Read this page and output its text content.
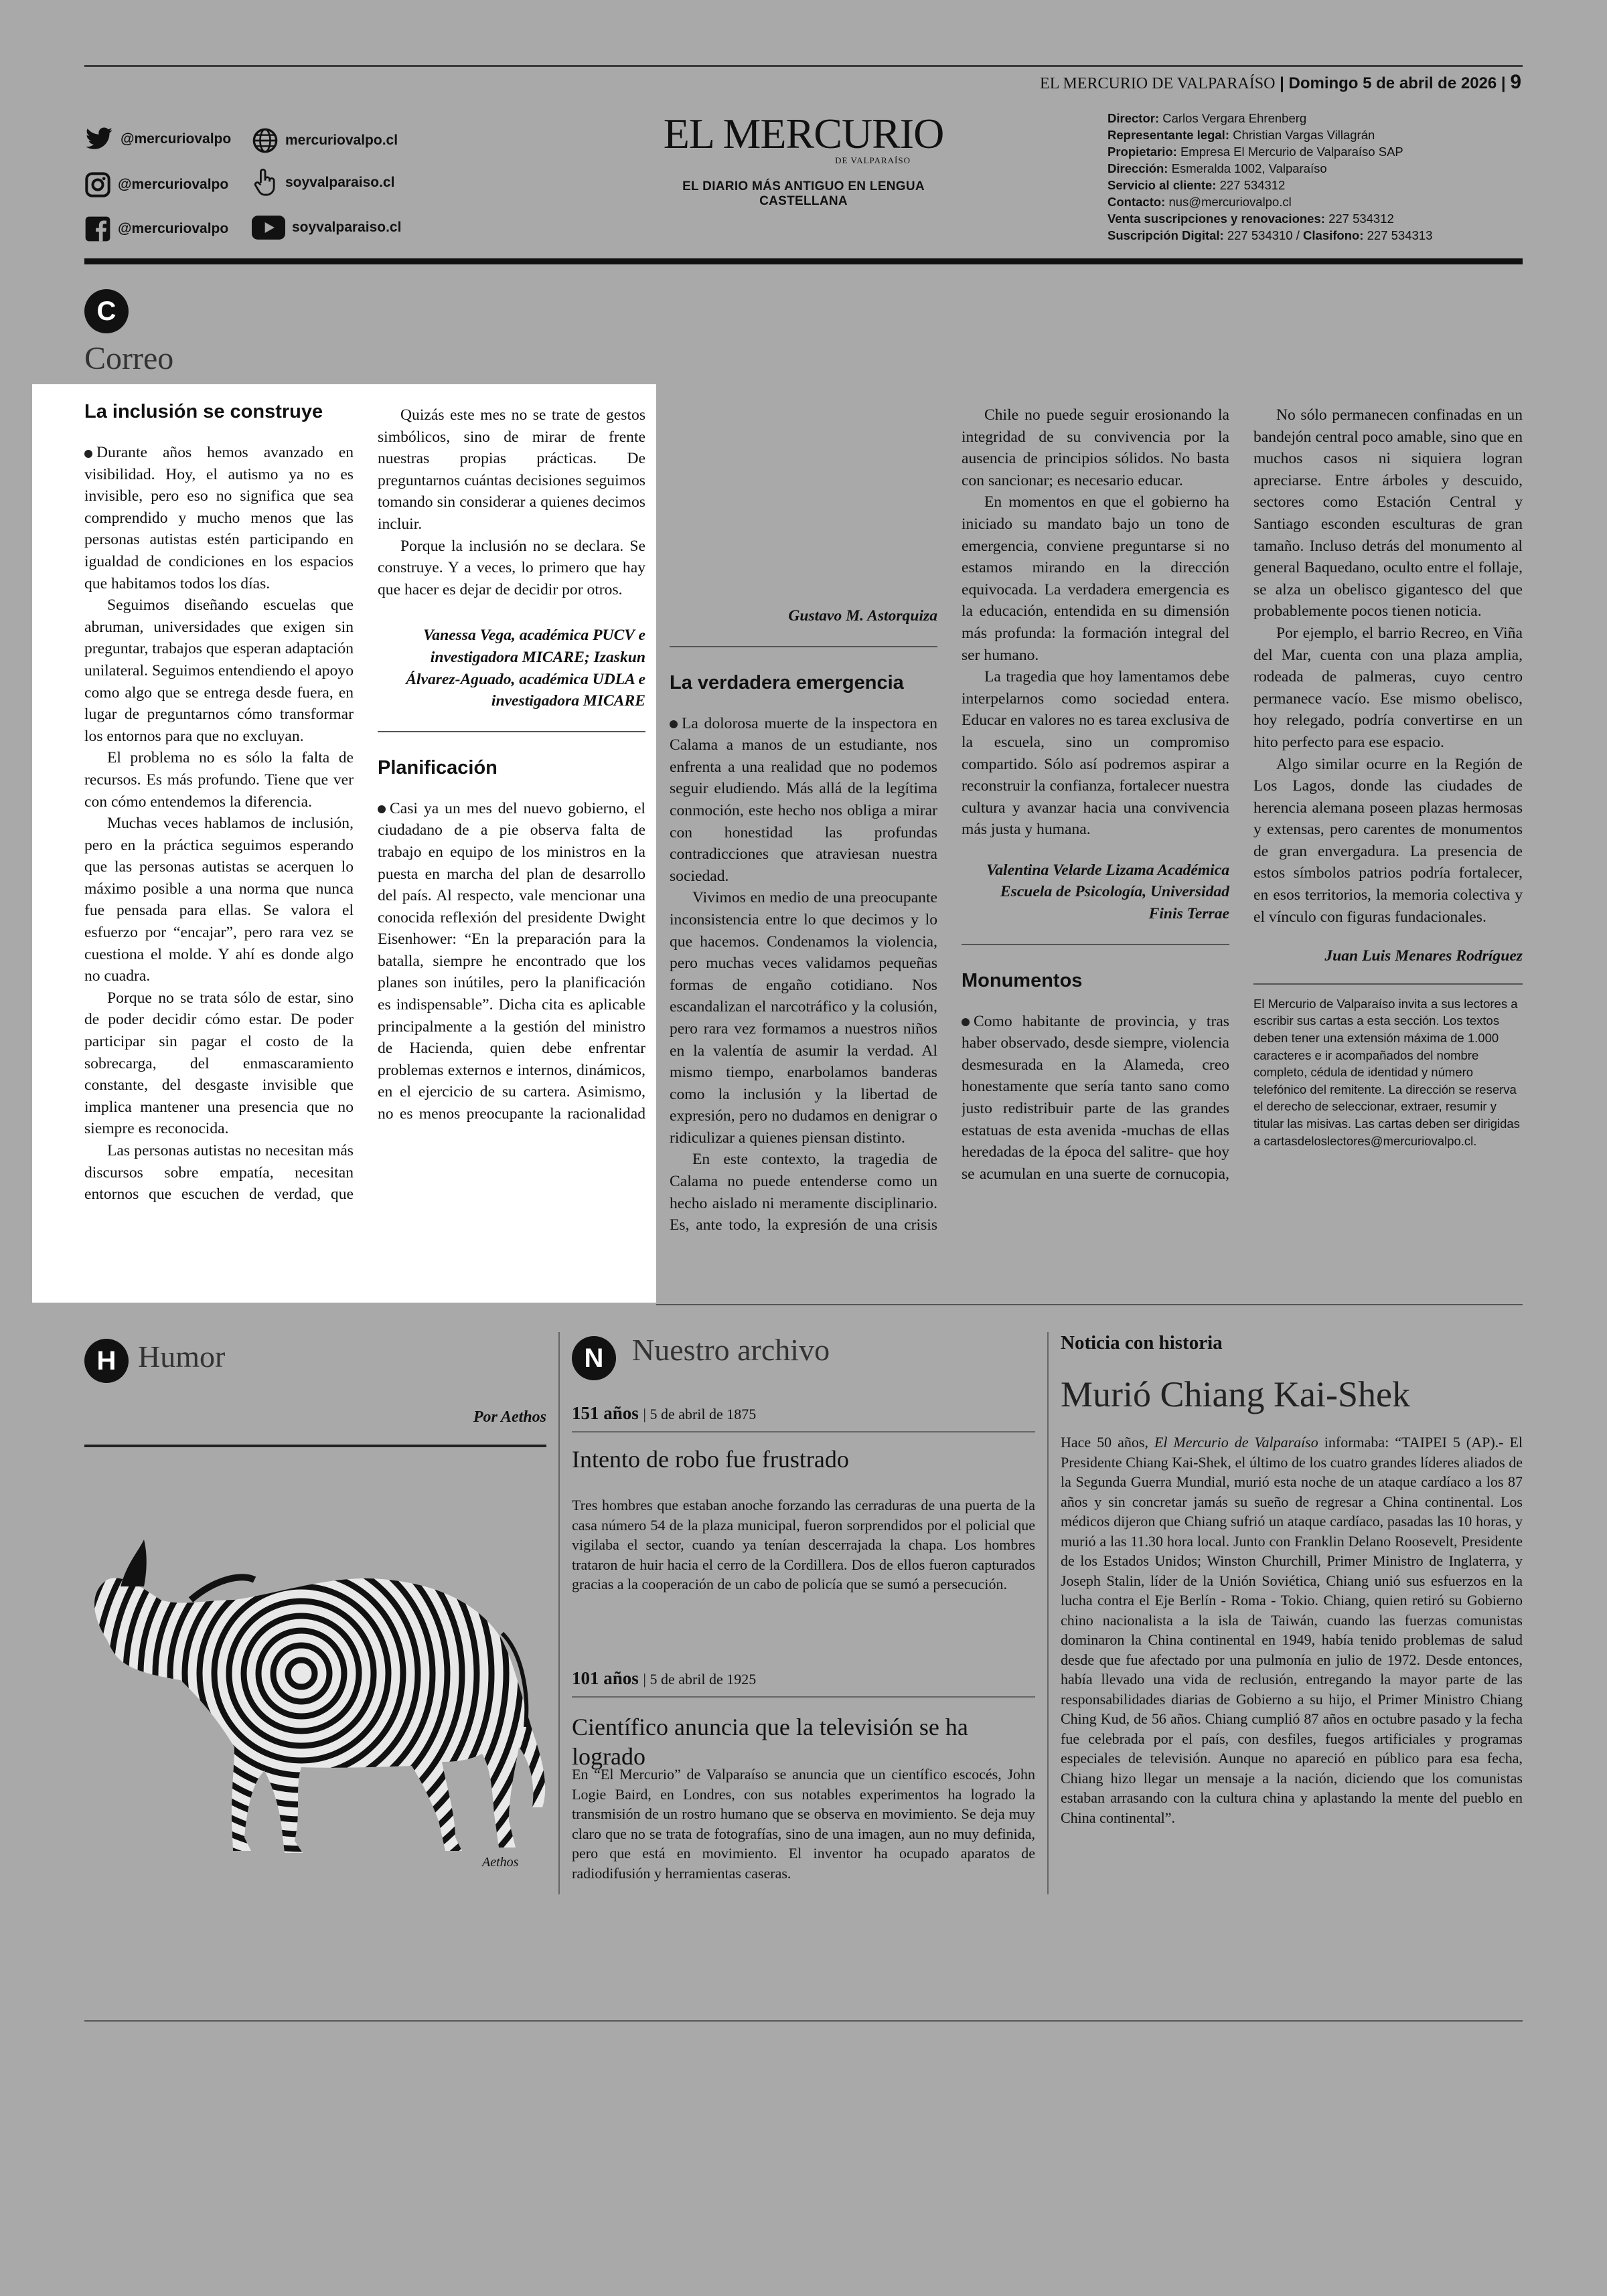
EL MERCURIO DE VALPARAÍSO | Domingo 5 de abril de 2026 | 9
@mercuriovalpo	mercuriovalpo.cl
@mercuriovalpo	soyvalparaiso.cl
@mercuriovalpo	soyvalparaiso.cl
EL MERCURIO
DE VALPARAÍSO
EL DIARIO MÁS ANTIGUO EN LENGUA CASTELLANA
Director: Carlos Vergara Ehrenberg
Representante legal: Christian Vargas Villagrán
Propietario: Empresa El Mercurio de Valparaíso SAP
Dirección: Esmeralda 1002, Valparaíso
Servicio al cliente: 227 534312
Contacto: nus@mercuriovalpo.cl
Venta suscripciones y renovaciones: 227 534312
Suscripción Digital: 227 534310 / Clasifono: 227 534313
C
Correo
La inclusión se construye

Durante años hemos avanzado en visibilidad. Hoy, el autismo ya no es invisible, pero eso no significa que sea comprendido y mucho menos que las personas autistas estén participando en igualdad de condiciones en los espacios que habitamos todos los días.

Seguimos diseñando escuelas que abruman, universidades que exigen sin preguntar, trabajos que esperan adaptación unilateral. Seguimos entendiendo el apoyo como algo que se entrega desde fuera, en lugar de preguntarnos cómo transformar los entornos para que no excluyan.

El problema no es sólo la falta de recursos. Es más profundo. Tiene que ver con cómo entendemos la diferencia.

Muchas veces hablamos de inclusión, pero en la práctica seguimos esperando que las personas autistas se acerquen lo máximo posible a una norma que nunca fue pensada para ellas. Se valora el esfuerzo por “encajar”, pero rara vez se cuestiona el molde. Y ahí es donde algo no cuadra.

Porque no se trata sólo de estar, sino de poder decidir cómo estar. De poder participar sin pagar el costo de la sobrecarga, del enmascaramiento constante, del desgaste invisible que implica mantener una presencia que no siempre es reconocida.

Las personas autistas no necesitan más discursos sobre empatía, necesitan entornos que escuchen de verdad, que

Quizás este mes no se trate de gestos simbólicos, sino de mirar de frente nuestras propias prácticas. De preguntarnos cuántas decisiones seguimos tomando sin considerar a quienes decimos incluir.

Porque la inclusión no se declara. Se construye. Y a veces, lo primero que hay que hacer es dejar de decidir por otros.

Vanessa Vega, académica PUCV e investigadora MICARE; Izaskun Álvarez-Aguado, académica UDLA e investigadora MICARE

Planificación

Casi ya un mes del nuevo gobierno, el ciudadano de a pie observa falta de trabajo en equipo de los ministros en la puesta en marcha del plan de desarrollo del país. Al respecto, vale mencionar una conocida reflexión del presidente Dwight Eisenhower: “En la preparación para la batalla, siempre he encontrado que los planes son inútiles, pero la planificación es indispensable”. Dicha cita es aplicable principalmente a la gestión del ministro de Hacienda, quien debe enfrentar problemas externos e internos, dinámicos, en el ejercicio de su cartera. Asimismo, no es menos preocupante la racionalidad

Gustavo M. Astorquiza

La verdadera emergencia

La dolorosa muerte de la inspectora en Calama a manos de un estudiante, nos enfrenta a una realidad que no podemos seguir eludiendo. Más allá de la legítima conmoción, este hecho nos obliga a mirar con honestidad las profundas contradicciones que atraviesan nuestra sociedad.

Vivimos en medio de una preocupante inconsistencia entre lo que decimos y lo que hacemos. Condenamos la violencia, pero muchas veces validamos pequeñas formas de engaño cotidiano. Nos escandalizan el narcotráfico y la colusión, pero rara vez formamos a nuestros niños en la valentía de asumir la verdad. Al mismo tiempo, enarbolamos banderas como la inclusión y la libertad de expresión, pero no dudamos en denigrar o ridiculizar a quienes piensan distinto.

En este contexto, la tragedia de Calama no puede entenderse como un hecho aislado ni meramente disciplinario. Es, ante todo, la expresión de una crisis

Chile no puede seguir erosionando la integridad de su convivencia por la ausencia de principios sólidos. No basta con sancionar; es necesario educar.

En momentos en que el gobierno ha iniciado su mandato bajo un tono de emergencia, conviene preguntarse si no estamos mirando en la dirección equivocada. La verdadera emergencia es la educación, entendida en su dimensión más profunda: la formación integral del ser humano.

La tragedia que hoy lamentamos debe interpelarnos como sociedad entera. Educar en valores no es tarea exclusiva de la escuela, sino un compromiso compartido. Sólo así podremos aspirar a reconstruir la confianza, fortalecer nuestra cultura y avanzar hacia una convivencia más justa y humana.

Valentina Velarde Lizama Académica Escuela de Psicología, Universidad Finis Terrae

Monumentos

Como habitante de provincia, y tras haber observado, desde siempre, violencia desmesurada en la Alameda, creo honestamente que sería tanto sano como justo redistribuir parte de las grandes estatuas de esta avenida -muchas de ellas heredadas de la época del salitre- que hoy se acumulan en una suerte de cornucopia,

No sólo permanecen confinadas en un bandejón central poco amable, sino que en muchos casos ni siquiera logran apreciarse. Entre árboles y descuido, sectores como Estación Central y Santiago esconden esculturas de gran tamaño. Incluso detrás del monumento al general Baquedano, oculto entre el follaje, se alza un obelisco gigantesco del que probablemente pocos tienen noticia.

Por ejemplo, el barrio Recreo, en Viña del Mar, cuenta con una plaza amplia, rodeada de palmeras, cuyo centro permanece vacío. Ese mismo obelisco, hoy relegado, podría convertirse en un hito perfecto para ese espacio.

Algo similar ocurre en la Región de Los Lagos, donde las ciudades de herencia alemana poseen plazas hermosas y extensas, pero carentes de monumentos de gran envergadura. La presencia de estos símbolos patrios podría fortalecer, en esos territorios, la memoria colectiva y el vínculo con figuras fundacionales.

Juan Luis Menares Rodríguez

El Mercurio de Valparaíso invita a sus lectores a escribir sus cartas a esta sección. Los textos deben tener una extensión máxima de 1.000 caracteres e ir acompañados del nombre completo, cédula de identidad y número telefónico del remitente. La dirección se reserva el derecho de seleccionar, extraer, resumir y titular las misivas. Las cartas deben ser dirigidas a cartasdeloslectores@mercuriovalpo.cl.
H Humor
Por Aethos
Aethos
N Nuestro archivo
151 años | 5 de abril de 1875
Intento de robo fue frustrado
Tres hombres que estaban anoche forzando las cerraduras de una puerta de la casa número 54 de la plaza municipal, fueron sorprendidos por el policial que vigilaba el sector, cuando ya tenían descerrajada la chapa. Los hombres trataron de huir hacia el cerro de la Cordillera. Dos de ellos fueron capturados gracias a la cooperación de un cabo de policía que se sumó a persecución.
101 años | 5 de abril de 1925
Científico anuncia que la televisión se ha logrado
En “El Mercurio” de Valparaíso se anuncia que un científico escocés, John Logie Baird, en Londres, con sus notables experimentos ha logrado la transmisión de un rostro humano que se observa en movimiento. Se deja muy claro que no se trata de fotografías, sino de una imagen, aun no muy definida, pero que está en movimiento. El inventor ha ocupado aparatos de radiodifusión y herramientas caseras.
Noticia con historia
Murió Chiang Kai-Shek
Hace 50 años, El Mercurio de Valparaíso informaba: “TAIPEI 5 (AP).- El Presidente Chiang Kai-Shek, el último de los cuatro grandes líderes aliados de la Segunda Guerra Mundial, murió esta noche de un ataque cardíaco a los 87 años y sin concretar jamás su sueño de regresar a China continental. Los médicos dijeron que Chiang sufrió un ataque cardíaco, pasadas las 10 horas, y murió a las 11.30 hora local. Junto con Franklin Delano Roosevelt, Presidente de los Estados Unidos; Winston Churchill, Primer Ministro de Inglaterra, y Joseph Stalin, líder de la Unión Soviética, Chiang unió sus esfuerzos en la lucha contra el Eje Berlín - Roma - Tokio. Chiang, quien retiró su Gobierno chino nacionalista a la isla de Taiwán, cuando las fuerzas comunistas dominaron la China continental en 1949, había tenido problemas de salud desde que fue afectado por una pulmonía en julio de 1972. Desde entonces, había llevado una vida de reclusión, entregando la mayor parte de las responsabilidades diarias de Gobierno a su hijo, el Primer Ministro Chiang Ching Kud, de 56 años. Chiang cumplió 87 años en octubre pasado y la fecha fue celebrada por el país, con desfiles, fuegos artificiales y programas especiales de televisión. Aunque no apareció en público para esa fecha, Chiang hizo llegar un mensaje a la nación, diciendo que los comunistas estaban arrasando con la cultura china y aplastando la mente del pueblo en China continental”.
